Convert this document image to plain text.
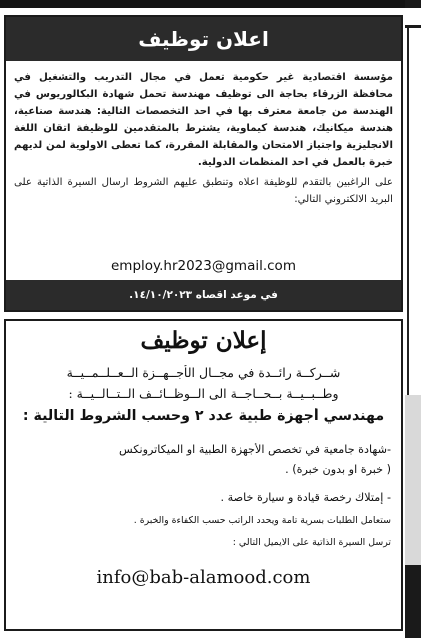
اعلان توظيف

مؤسسة اقتصادية غير حكومية تعمل في مجال التدريب والتشغيل في محافظة الزرقاء بحاجة الى توظيف مهندسة تحمل شهادة البكالوريوس في الهندسة من جامعة معترف بها في احد التخصصات التالية: هندسة صناعية، هندسة ميكانيك، هندسة كيماوية، يشترط بالمتقدمين للوظيفة اتقان اللغة الانجليزية واجتياز الامتحان والمقابلة المقررة، كما تعطى الاولوية لمن لديهم خبرة بالعمل في احد المنظمات الدولية.

على الراغبين بالتقدم للوظيفة اعلاه وتنطبق عليهم الشروط ارسال السيرة الذاتية على البريد الالكتروني التالي:

employ.hr2023@gmail.com
في موعد اقصاه ١٤/١٠/٢٠٢٣.
إعلان توظيف
شــركــة رائــدة في مجــال الأجــهــزة الــعــلــمــيــة
وطــبــيــة بــحــاجــة الى الــوظــائــف الــتــالــيــة :
مهندسي أجهزة طبية عدد ٢ وحسب الشروط التالية :
-شهادة جامعية في تخصص الأجهزة الطبية او الميكاترونكس
( خبرة او بدون خبرة) .
- إمتلاك رخصة قيادة و سيارة خاصة .
ستعامل الطلبات بسرية تامة ويحدد الراتب حسب الكفاءة والخبرة .
ترسل السيرة الذاتية على الايميل التالي :
info@bab-alamood.com
